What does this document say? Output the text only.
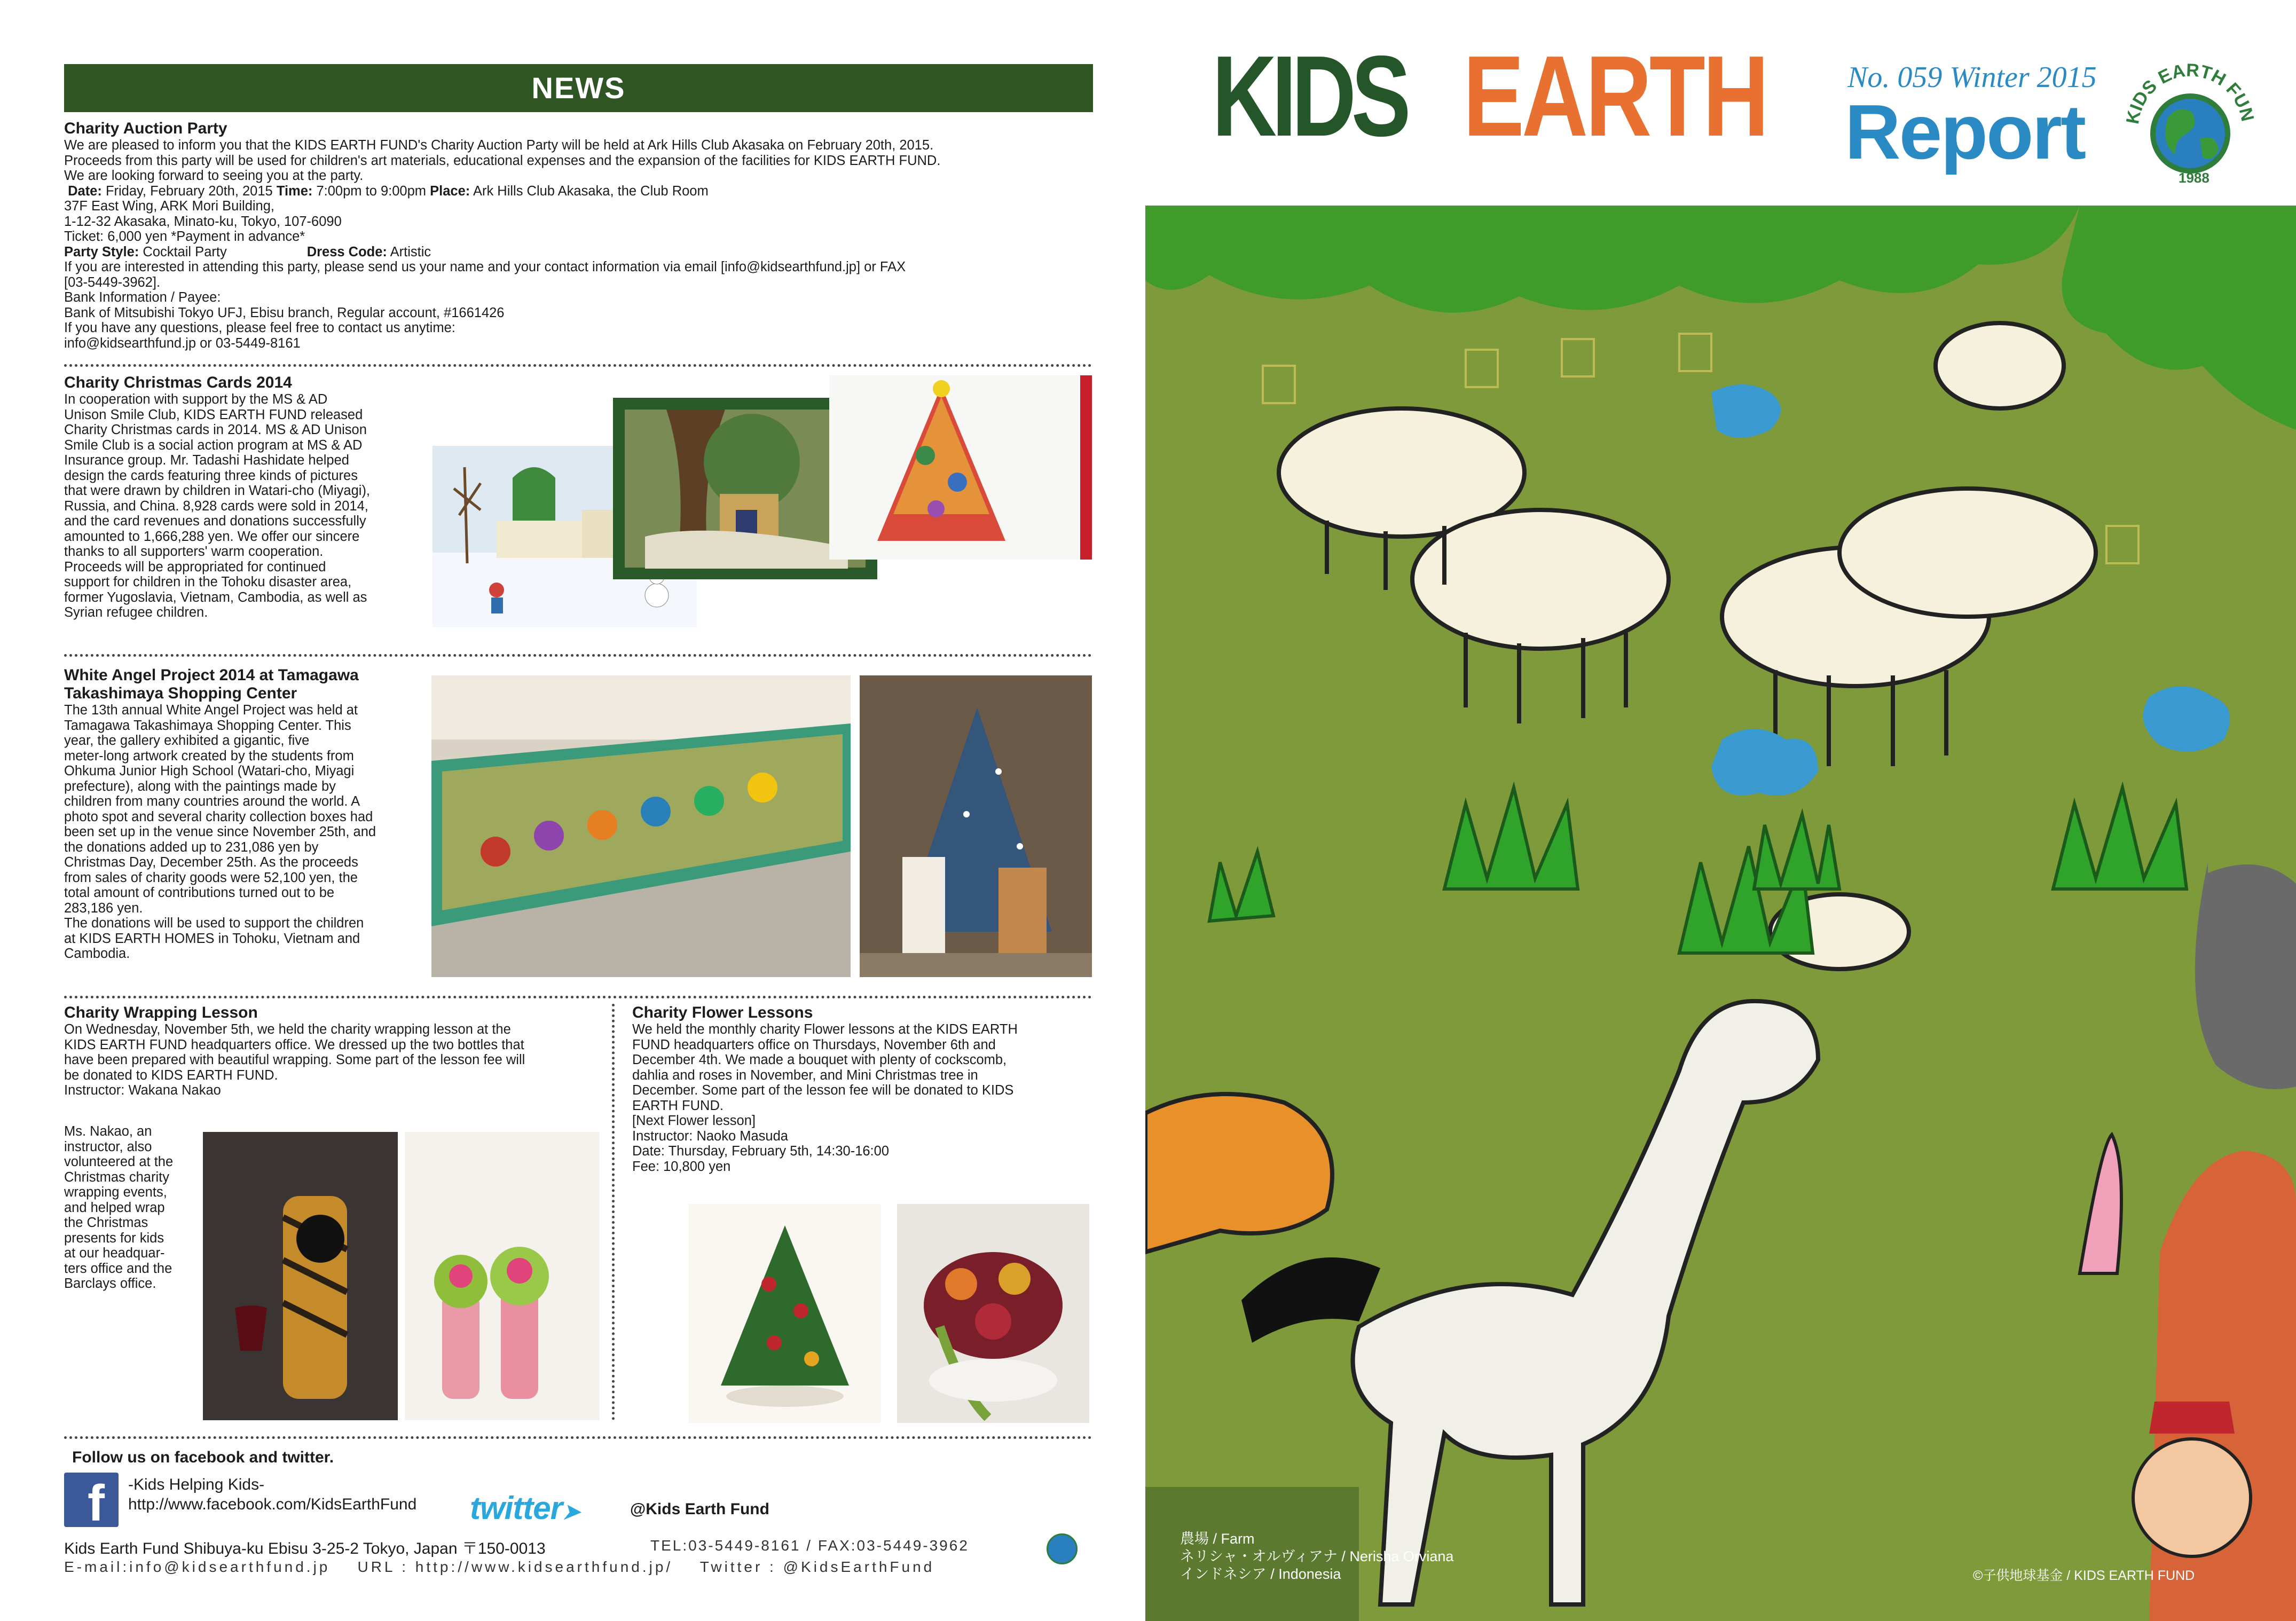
NEWS
Charity Auction Party
We are pleased to inform you that the KIDS EARTH FUND's Charity Auction Party will be held at Ark Hills Club Akasaka on February 20th, 2015.
Proceeds from this party will be used for children's art materials, educational expenses and the expansion of the facilities for KIDS EARTH FUND.
We are looking forward to seeing you at the party.
Date: Friday, February 20th, 2015 Time: 7:00pm to 9:00pm Place: Ark Hills Club Akasaka, the Club Room
37F East Wing, ARK Mori Building,
1-12-32 Akasaka, Minato-ku, Tokyo, 107-6090
Ticket: 6,000 yen *Payment in advance*
Party Style: Cocktail Party	Dress Code: Artistic
If you are interested in attending this party, please send us your name and your contact information via email [info@kidsearthfund.jp] or FAX
[03-5449-3962].
Bank Information / Payee:
Bank of Mitsubishi Tokyo UFJ, Ebisu branch, Regular account, #1661426
If you have any questions, please feel free to contact us anytime:
info@kidsearthfund.jp or 03-5449-8161
Charity Christmas Cards 2014
In cooperation with support by the MS & AD
Unison Smile Club, KIDS EARTH FUND released
Charity Christmas cards in 2014. MS & AD Unison
Smile Club is a social action program at MS & AD
Insurance group. Mr. Tadashi Hashidate helped
design the cards featuring three kinds of pictures
that were drawn by children in Watari-cho (Miyagi),
Russia, and China. 8,928 cards were sold in 2014,
and the card revenues and donations successfully
amounted to 1,666,288 yen. We offer our sincere
thanks to all supporters' warm cooperation.
Proceeds will be appropriated for continued
support for children in the Tohoku disaster area,
former Yugoslavia, Vietnam, Cambodia, as well as
Syrian refugee children.
White Angel Project 2014 at Tamagawa
Takashimaya Shopping Center
The 13th annual White Angel Project was held at
Tamagawa Takashimaya Shopping Center. This
year, the gallery exhibited a gigantic, five
meter-long artwork created by the students from
Ohkuma Junior High School (Watari-cho, Miyagi
prefecture), along with the paintings made by
children from many countries around the world. A
photo spot and several charity collection boxes had
been set up in the venue since November 25th, and
the donations added up to 231,086 yen by
Christmas Day, December 25th. As the proceeds
from sales of charity goods were 52,100 yen, the
total amount of contributions turned out to be
283,186 yen.
The donations will be used to support the children
at KIDS EARTH HOMES in Tohoku, Vietnam and
Cambodia.
Charity Wrapping Lesson
On Wednesday, November 5th, we held the charity wrapping lesson at the
KIDS EARTH FUND headquarters office. We dressed up the two bottles that
have been prepared with beautiful wrapping. Some part of the lesson fee will
be donated to KIDS EARTH FUND.
Instructor: Wakana Nakao
Ms. Nakao, an
instructor, also
volunteered at the
Christmas charity
wrapping events,
and helped wrap
the Christmas
presents for kids
at our headquar-
ters office and the
Barclays office.
Charity Flower Lessons
We held the monthly charity Flower lessons at the KIDS EARTH
FUND headquarters office on Thursdays, November 6th and
December 4th. We made a bouquet with plenty of cockscomb,
dahlia and roses in November, and Mini Christmas tree in
December. Some part of the lesson fee will be donated to KIDS
EARTH FUND.
[Next Flower lesson]
Instructor: Naoko Masuda
Date: Thursday, February 5th, 14:30-16:00
Fee: 10,800 yen
Follow us on facebook and twitter.
f -Kids Helping Kids-
http://www.facebook.com/KidsEarthFund twitter➤	@Kids Earth Fund
Kids Earth Fund Shibuya-ku Ebisu 3-25-2 Tokyo, Japan 〒150-0013	TEL:03-5449-8161 / FAX:03-5449-3962
E-mail:info@kidsearthfund.jp    URL : http://www.kidsearthfund.jp/    Twitter : @KidsEarthFund
KIDS EARTH	No. 059 Winter 2015
Report	KIDS EARTH FUN
1988
農場 / Farm
ネリシャ・オルヴィアナ / Nerisha Orviana
インドネシア / Indonesia	©子供地球基金 / KIDS EARTH FUND
